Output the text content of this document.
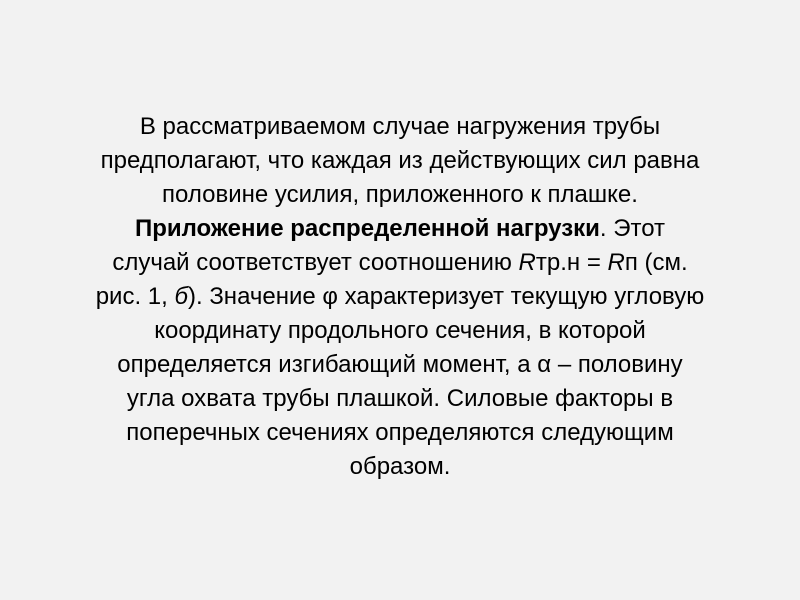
В рассматриваемом случае нагружения трубы
предполагают, что каждая из действующих сил равна
половине усилия, приложенного к плашке.
Приложение распределенной нагрузки. Этот
случай соответствует соотношению Rтр.н = Rп (см.
рис. 1, б). Значение φ характеризует текущую угловую
координату продольного сечения, в которой
определяется изгибающий момент, а α – половину
угла охвата трубы плашкой. Силовые факторы в
поперечных сечениях определяются следующим
образом.
